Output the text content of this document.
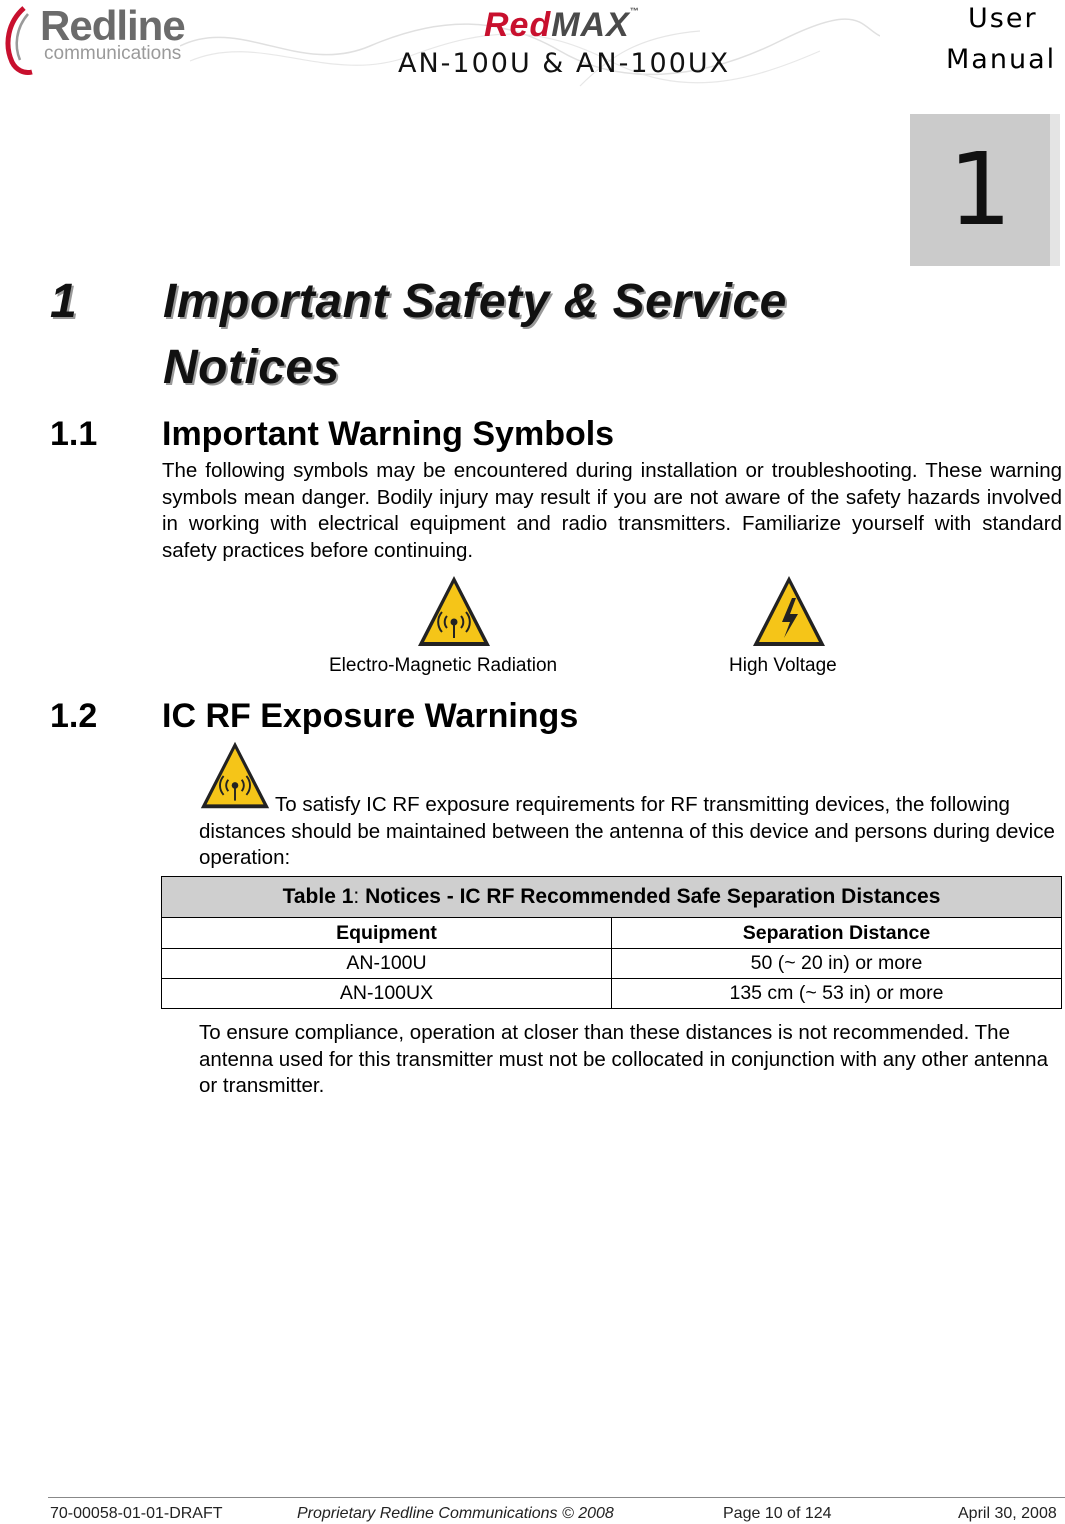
Redline
communications
RedMAX™
AN-100U & AN-100UX
User
Manual
1
1 Important Safety & Service
Notices
1.1 Important Warning Symbols
The following symbols may be encountered during installation or troubleshooting. These warning symbols mean danger. Bodily injury may result if you are not aware of the safety hazards involved in working with electrical equipment and radio transmitters. Familiarize yourself with standard safety practices before continuing.
Electro-Magnetic Radiation	High Voltage
1.2 IC RF Exposure Warnings
To satisfy IC RF exposure requirements for RF transmitting devices, the following distances should be maintained between the antenna of this device and persons during device operation:
Table 1: Notices - IC RF Recommended Safe Separation Distances	
Equipment	Separation Distance
AN-100U	50 (~ 20 in) or more
AN-100UX	135 cm (~ 53 in) or more
To ensure compliance, operation at closer than these distances is not recommended. The antenna used for this transmitter must not be collocated in conjunction with any other antenna or transmitter.
70-00058-01-01-DRAFT	Proprietary Redline Communications © 2008	Page 10 of 124	April 30, 2008
